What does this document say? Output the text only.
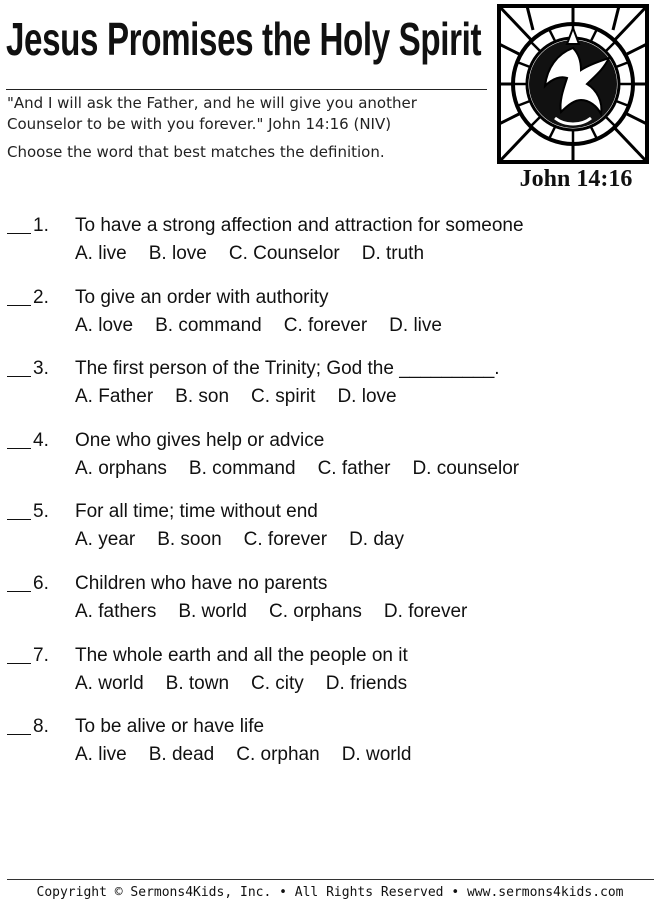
Jesus Promises the Holy Spirit
"And I will ask the Father, and he will give you another Counselor to be with you forever." John 14:16 (NIV)
Choose the word that best matches the definition.
John 14:16
1. To have a strong affection and attraction for someone
A. live B. love C. Counselor D. truth
2. To give an order with authority
A. love B. command C. forever D. live
3. The first person of the Trinity; God the _________.
A. Father B. son C. spirit D. love
4. One who gives help or advice
A. orphans B. command C. father D. counselor
5. For all time; time without end
A. year B. soon C. forever D. day
6. Children who have no parents
A. fathers B. world C. orphans D. forever
7. The whole earth and all the people on it
A. world B. town C. city D. friends
8. To be alive or have life
A. live B. dead C. orphan D. world
Copyright © Sermons4Kids, Inc. • All Rights Reserved • www.sermons4kids.com
